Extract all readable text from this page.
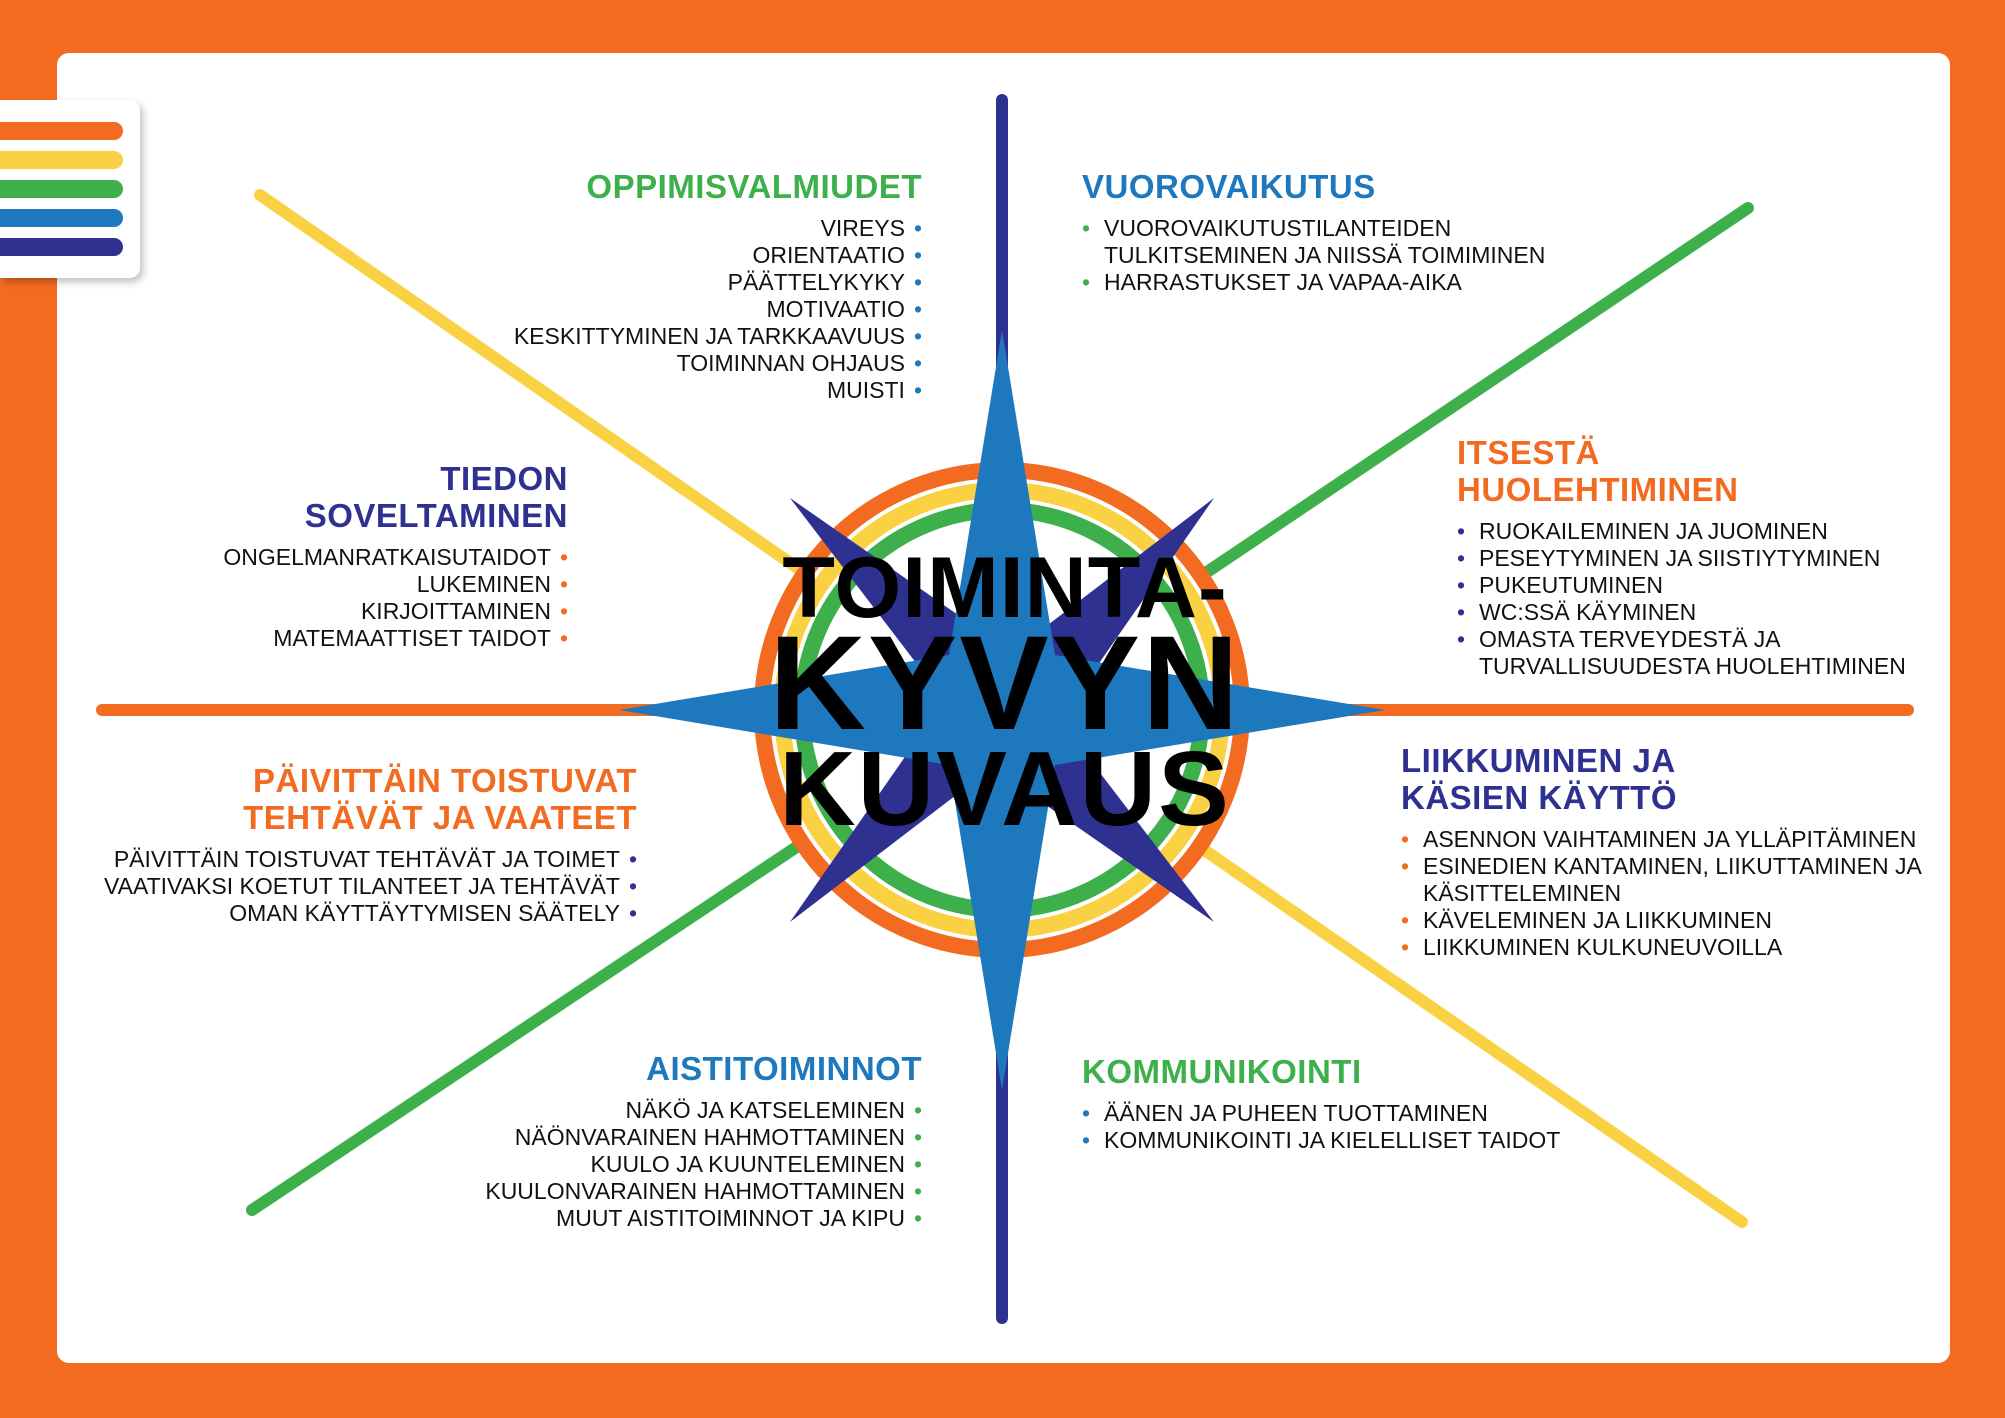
TOIMINTA-
KYVYN
KUVAUS
OPPIMISVALMIUDET
VIREYS •
ORIENTAATIO •
PÄÄTTELYKYKY •
MOTIVAATIO •
KESKITTYMINEN JA TARKKAAVUUS •
TOIMINNAN OHJAUS •
MUISTI •
VUOROVAIKUTUS
• VUOROVAIKUTUSTILANTEIDEN TULKITSEMINEN JA NIISSÄ TOIMIMINEN
• HARRASTUKSET JA VAPAA-AIKA
TIEDON
SOVELTAMINEN
ONGELMANRATKAISUTAIDOT •
LUKEMINEN •
KIRJOITTAMINEN •
MATEMAATTISET TAIDOT •
ITSESTÄ
HUOLEHTIMINEN
• RUOKAILEMINEN JA JUOMINEN
• PESEYTYMINEN JA SIISTIYTYMINEN
• PUKEUTUMINEN
• WC:SSÄ KÄYMINEN
• OMASTA TERVEYDESTÄ JA TURVALLISUUDESTA HUOLEHTIMINEN
PÄIVITTÄIN TOISTUVAT
TEHTÄVÄT JA VAATEET
PÄIVITTÄIN TOISTUVAT TEHTÄVÄT JA TOIMET •
VAATIVAKSI KOETUT TILANTEET JA TEHTÄVÄT •
OMAN KÄYTTÄYTYMISEN SÄÄTELY •
LIIKKUMINEN JA
KÄSIEN KÄYTTÖ
• ASENNON VAIHTAMINEN JA YLLÄPITÄMINEN
• ESINEDIEN KANTAMINEN, LIIKUTTAMINEN JA KÄSITTELEMINEN
• KÄVELEMINEN JA LIIKKUMINEN
• LIIKKUMINEN KULKUNEUVOILLA
AISTITOIMINNOT
NÄKÖ JA KATSELEMINEN •
NÄÖNVARAINEN HAHMOTTAMINEN •
KUULO JA KUUNTELEMINEN •
KUULONVARAINEN HAHMOTTAMINEN •
MUUT AISTITOIMINNOT JA KIPU •
KOMMUNIKOINTI
• ÄÄNEN JA PUHEEN TUOTTAMINEN
• KOMMUNIKOINTI JA KIELELLISET TAIDOT
